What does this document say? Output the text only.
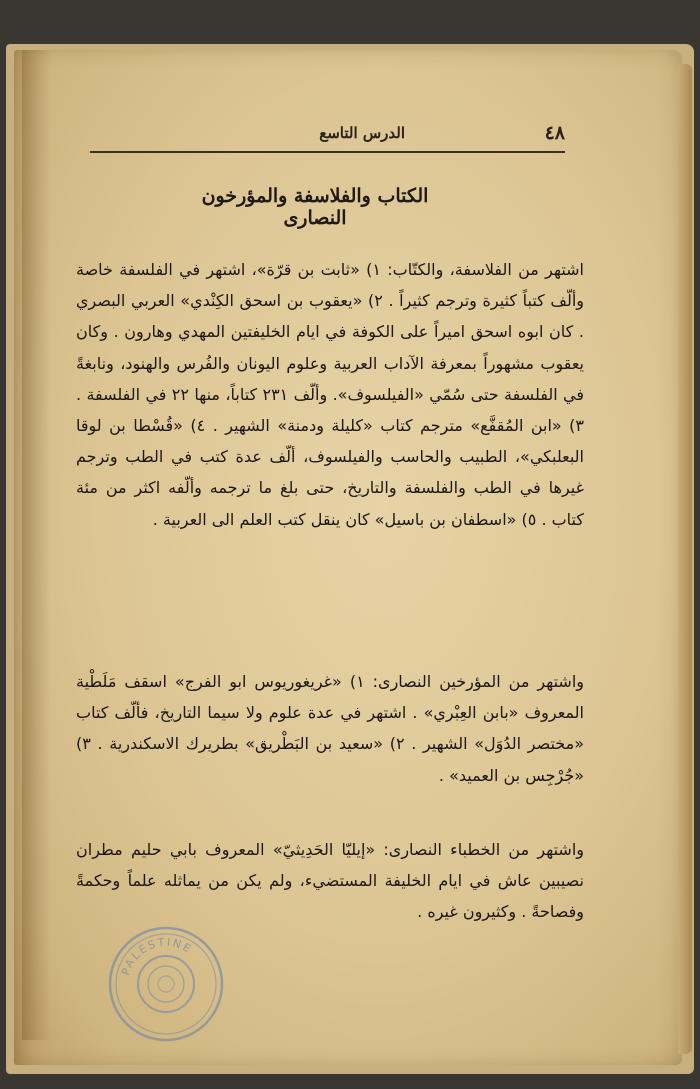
٤٨
الدرس التاسع
الكتاب والفلاسفة والمؤرخون النصارى

اشتهر من الفلاسفة، والكتّاب: ١) «ثابت بن قرّة»، اشتهر في الفلسفة خاصة وألّف كتباً كثيرة وترجم كثيراً . ٢) «يعقوب بن اسحق الكِنْدي» العربي البصري . كان ابوه اسحق اميراً على الكوفة في ايام الخليفتين المهدي وهارون . وكان يعقوب مشهوراً بمعرفة الآداب العربية وعلوم اليونان والفُرس والهنود، ونابغةً في الفلسفة حتى سُمّي «الفيلسوف». وألّف ٢٣١ كتاباً، منها ٢٢ في الفلسفة . ٣) «ابن المُقفَّع» مترجم كتاب «كليلة ودمنة» الشهير . ٤) «قُسْطا بن لوقا البعلبكي»، الطبيب والحاسب والفيلسوف، ألّف عدة كتب في الطب وترجم غيرها في الطب والفلسفة والتاريخ، حتى بلغ ما ترجمه وألّفه اكثر من مئة كتاب . ٥) «اسطفان بن باسيل» كان ينقل كتب العلم الى العربية .

واشتهر من المؤرخين النصارى: ١) «غريغوريوس ابو الفرج» اسقف مَلَطْية المعروف «بابن العِبْري» . اشتهر في عدة علوم ولا سيما التاريخ، فألّف كتاب «مختصر الدُوَل» الشهير . ٢) «سعيد بن البَطْريق» بطريرك الاسكندرية . ٣) «جُرْجِس بن العميد» .

واشتهر من الخطباء النصارى: «إيليّا الحَدِيثيّ» المعروف بابي حليم مطران نصيبين عاش في ايام الخليفة المستضيء، ولم يكن من يماثله علماً وحكمةً وفصاحةً . وكثيرون غيره .

PALESTINE
